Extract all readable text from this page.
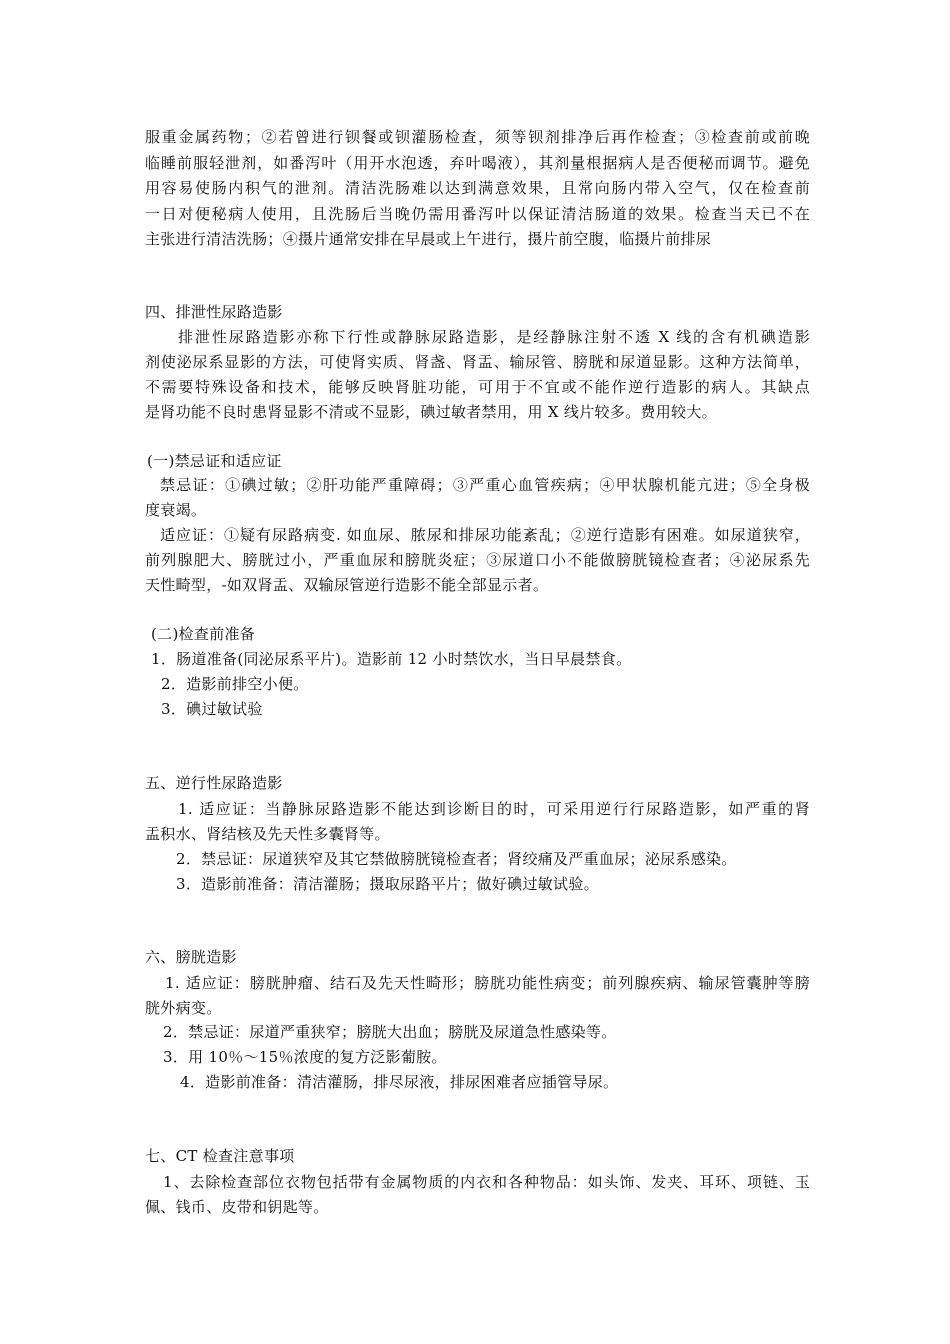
服重金属药物；②若曾进行钡餐或钡灌肠检查，须等钡剂排净后再作检查；③检查前或前晚
临睡前服轻泄剂，如番泻叶（用开水泡透，弃叶喝液），其剂量根据病人是否便秘而调节。避免
用容易使肠内积气的泄剂。清洁洗肠难以达到满意效果，且常向肠内带入空气，仅在检查前
一日对便秘病人使用，且洗肠后当晚仍需用番泻叶以保证清洁肠道的效果。检查当天已不在
主张进行清洁洗肠；④摄片通常安排在早晨或上午进行，摄片前空腹，临摄片前排尿
四、排泄性尿路造影
排泄性尿路造影亦称下行性或静脉尿路造影，是经静脉注射不透 X 线的含有机碘造影
剂使泌尿系显影的方法，可使肾实质、肾盏、肾盂、输尿管、膀胱和尿道显影。这种方法简单，
不需要特殊设备和技术，能够反映肾脏功能，可用于不宜或不能作逆行造影的病人。其缺点
是肾功能不良时患肾显影不清或不显影，碘过敏者禁用，用 X 线片较多。费用较大。
(一)禁忌证和适应证
禁忌证：①碘过敏；②肝功能严重障碍；③严重心血管疾病；④甲状腺机能亢进；⑤全身极
度衰竭。
适应证：①疑有尿路病变. 如血尿、脓尿和排尿功能紊乱；②逆行造影有困难。如尿道狭窄，
前列腺肥大、膀胱过小，严重血尿和膀胱炎症；③尿道口小不能做膀胱镜检查者；④泌尿系先
天性畸型，-如双肾盂、双输尿管逆行造影不能全部显示者。
(二)检查前准备
1．肠道准备(同泌尿系平片)。造影前 12 小时禁饮水，当日早晨禁食。
2．造影前排空小便。
3．碘过敏试验
五、逆行性尿路造影
1. 适应证：当静脉尿路造影不能达到诊断目的时，可采用逆行行尿路造影，如严重的肾
盂积水、肾结核及先天性多囊肾等。
2．禁忌证：尿道狭窄及其它禁做膀胱镜检查者；肾绞痛及严重血尿；泌尿系感染。
3．造影前准备：清洁灌肠；摄取尿路平片；做好碘过敏试验。
六、膀胱造影
1. 适应证：膀胱肿瘤、结石及先天性畸形；膀胱功能性病变；前列腺疾病、输尿管囊肿等膀
胱外病变。
2．禁忌证：尿道严重狭窄；膀胱大出血；膀胱及尿道急性感染等。
3．用 10％～15％浓度的复方泛影葡胺。
4．造影前准备：清洁灌肠，排尽尿液，排尿困难者应插管导尿。
七、CT 检查注意事项
1、去除检查部位衣物包括带有金属物质的内衣和各种物品：如头饰、发夹、耳环、项链、玉
佩、钱币、皮带和钥匙等。
